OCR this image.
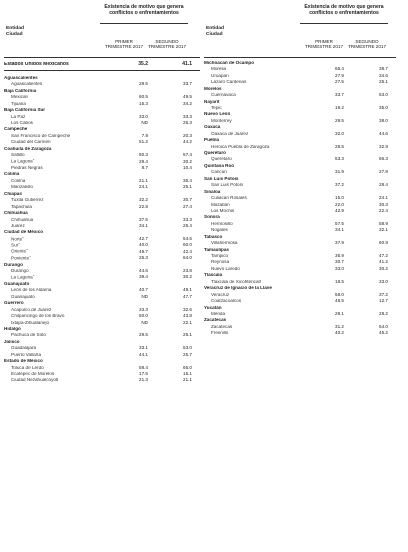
Existencia de motivo que genera conflictos o enfrentamientos
Entidad
Ciudad
PRIMER TRIMESTRE 2017
SEGUNDO TRIMESTRE 2017
Estados Unidos Mexicanos	35.2	41.1
Aguascalientes
Aguascalientes	28.5	33.7
Baja California
Mexicali	60.5	49.5
Tijuana	15.3	34.2
Baja California Sur
La Paz	33.0	33.3
Los Cabos	ND	26.3
Campeche
San Francisco de Campeche	7.8	20.3
Ciudad del Carmen	51.2	44.2
Coahuila de Zaragoza
Saltillo	50.3	57.4
La Laguna$^1$	29.4	30.2
Piedras Negras	8.7	10.4
Colima
Colima	21.1	35.4
Manzanillo	24.1	25.1
Chiapas
Tuxtla Gutiérrez	32.2	30.7
Tapachula	22.8	27.4
Chihuahua
Chihuahua	37.5	33.3
Juárez	34.1	25.4
Ciudad de México
Norte$^2$	42.7	54.5
Sur$^3$	40.0	60.0
Oriente$^4$	49.7	42.4
Poniente$^5$	25.3	64.0
Durango
Durango	44.6	23.8
La Laguna$^1$	39.4	30.2
Guanajuato
León de los Aldama	40.7	49.1
Guanajuato	ND	47.7
Guerrero
Acapulco de Juárez	33.3	32.6
Chilpancingo de los Bravo	50.0	43.8
Ixtapa-Zihuatanejo	ND	22.1
Hidalgo
Pachuca de Soto	29.5	25.1
Jalisco
Guadalajara	33.1	53.0
Puerto Vallarta	44.1	25.7
Estado de México
Toluca de Lerdo	58.4	65.0
Ecatepec de Morelos	17.5	15.1
Ciudad Nezahualcóyotl	21.3	21.1
Existencia de motivo que genera conflictos o enfrentamientos
Entidad
Ciudad
PRIMER TRIMESTRE 2017
SEGUNDO TRIMESTRE 2017
Michoacán de Ocampo
Morelia	65.4	38.7
Uruapan	27.9	34.6
Lázaro Cárdenas	27.5	25.1
Morelos
Cuernavaca	33.7	53.0
Nayarit
Tepic	19.2	35.0
Nuevo León
Monterrey	29.5	38.0
Oaxaca
Oaxaca de Juárez	32.0	44.6
Puebla
Heroica Puebla de Zaragoza	28.5	32.9
Querétaro
Querétaro	53.3	66.3
Quintana Roo
Cancún	31.9	27.9
San Luis Potosí
San Luis Potosí	37.2	28.4
Sinaloa
Culiacán Rosales	15.0	24.1
Mazatlán	22.0	30.3
Los Mochis	42.9	22.4
Sonora
Hermosillo	57.5	58.9
Nogales	34.1	32.1
Tabasco
Villahermosa	37.9	60.9
Tamaulipas
Tampico	35.9	47.2
Reynosa	30.7	41.2
Nuevo Laredo	33.0	30.2
Tlaxcala
Tlaxcala de Xicohténcatl	18.5	33.0
Veracruz de Ignacio de la Llave
Veracruz	58.0	37.2
Coatzacoalcos	48.5	12.7
Yucatán
Mérida	29.1	28.2
Zacatecas
Zacatecas	31.2	54.0
Fresnillo	40.2	45.2
